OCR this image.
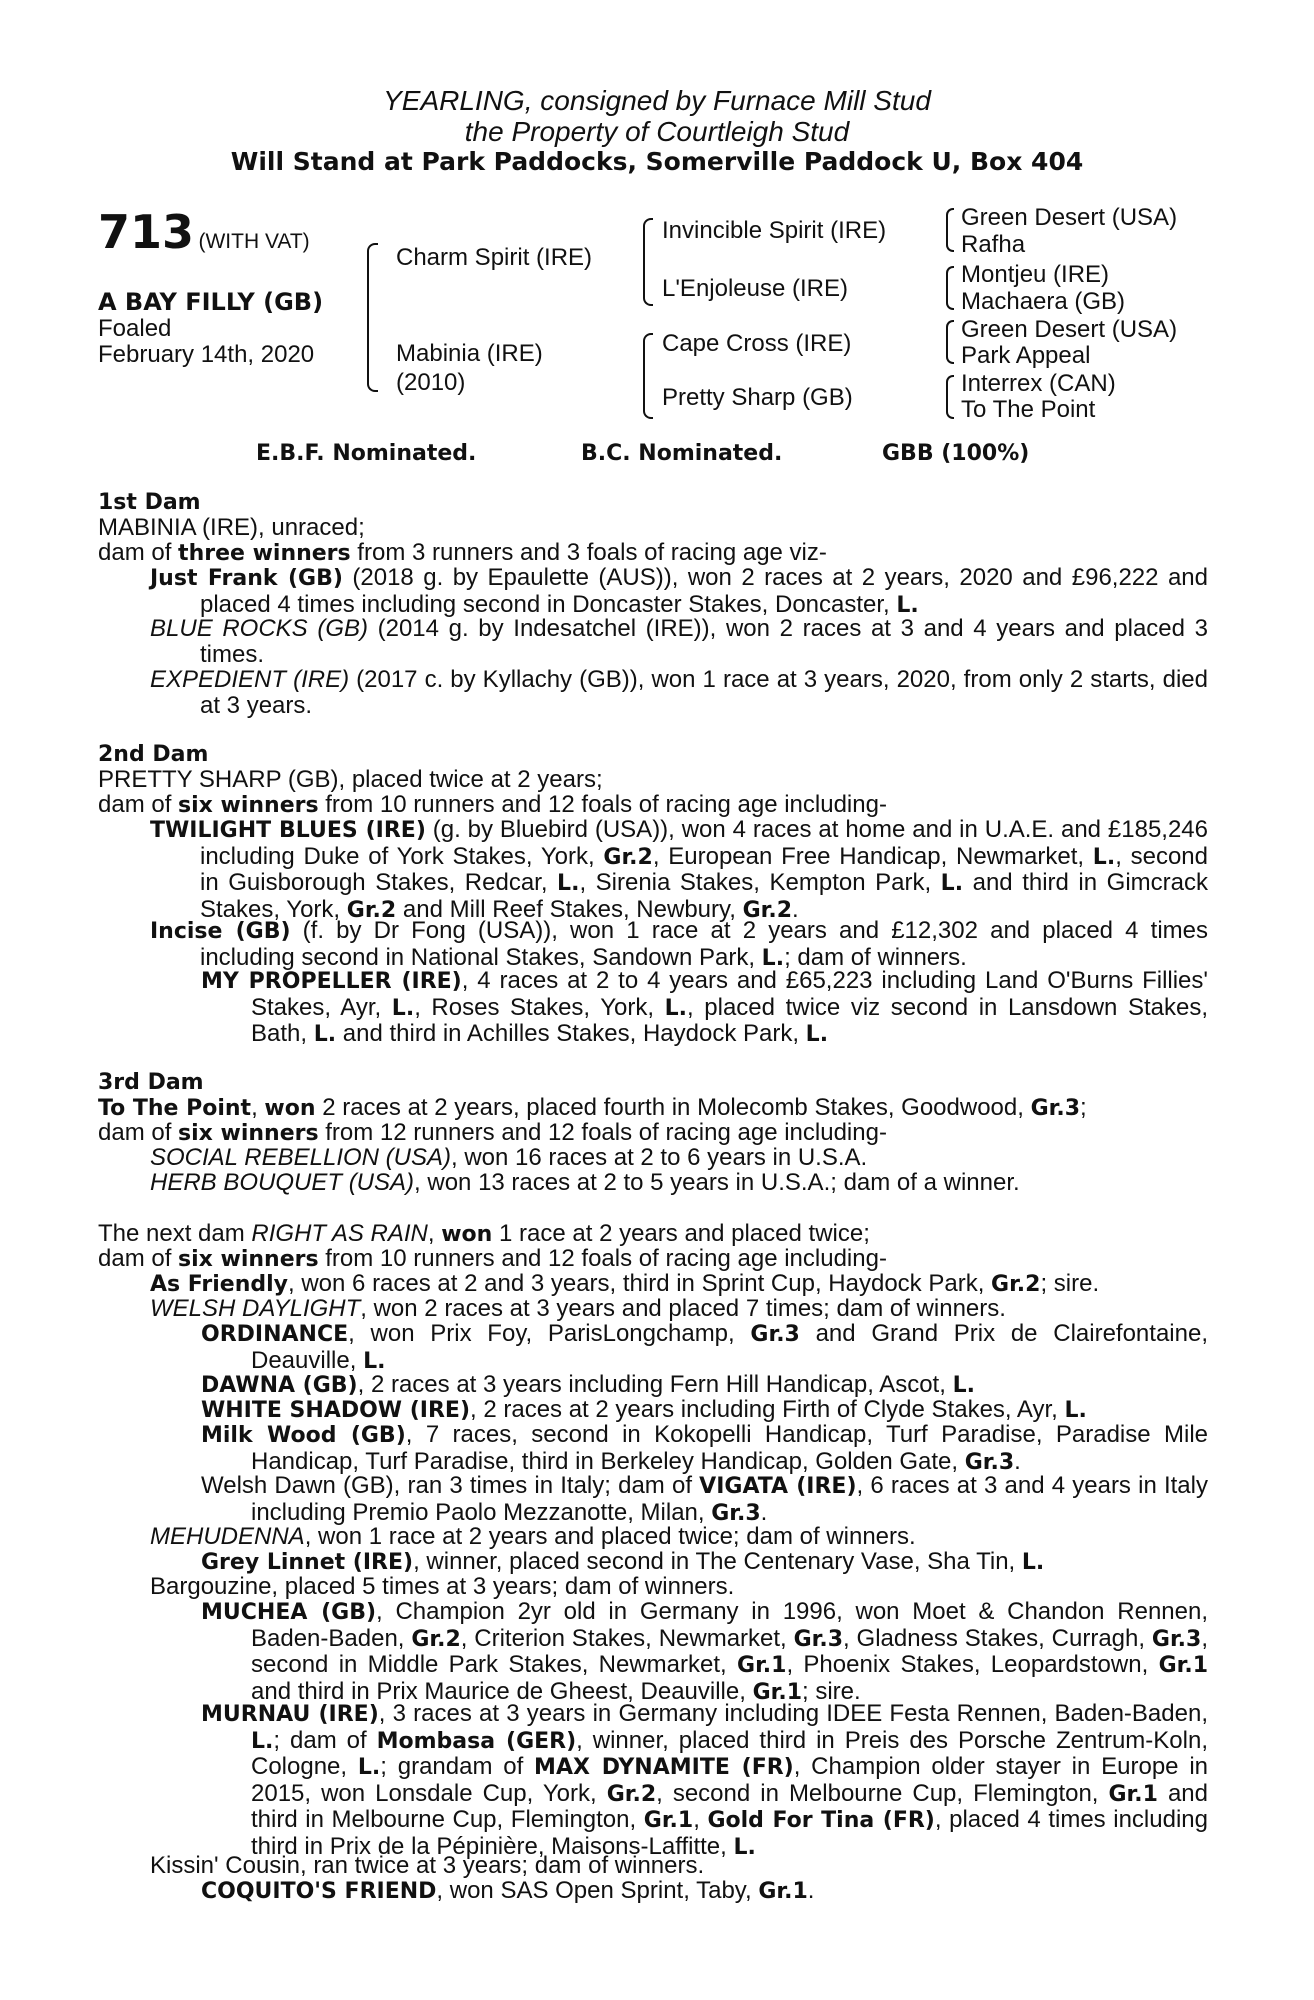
YEARLING, consigned by Furnace Mill Stud
the Property of Courtleigh Stud
Will Stand at Park Paddocks, Somerville Paddock U, Box 404
713 (WITH VAT)
A BAY FILLY (GB)
Foaled
February 14th, 2020
Charm Spirit (IRE)
Mabinia (IRE)
(2010)
Invincible Spirit (IRE)
L'Enjoleuse (IRE)
Cape Cross (IRE)
Pretty Sharp (GB)
Green Desert (USA)
Rafha
Montjeu (IRE)
Machaera (GB)
Green Desert (USA)
Park Appeal
Interrex (CAN)
To The Point
E.B.F. Nominated.	B.C. Nominated.	GBB (100%)
1st Dam
MABINIA (IRE), unraced;
dam of three winners from 3 runners and 3 foals of racing age viz-
Just Frank (GB) (2018 g. by Epaulette (AUS)), won 2 races at 2 years, 2020 and £96,222 and placed 4 times including second in Doncaster Stakes, Doncaster, L.
BLUE ROCKS (GB) (2014 g. by Indesatchel (IRE)), won 2 races at 3 and 4 years and placed 3 times.
EXPEDIENT (IRE) (2017 c. by Kyllachy (GB)), won 1 race at 3 years, 2020, from only 2 starts, died at 3 years.
2nd Dam
PRETTY SHARP (GB), placed twice at 2 years;
dam of six winners from 10 runners and 12 foals of racing age including-
TWILIGHT BLUES (IRE) (g. by Bluebird (USA)), won 4 races at home and in U.A.E. and £185,246 including Duke of York Stakes, York, Gr.2, European Free Handicap, Newmarket, L., second in Guisborough Stakes, Redcar, L., Sirenia Stakes, Kempton Park, L. and third in Gimcrack Stakes, York, Gr.2 and Mill Reef Stakes, Newbury, Gr.2.
Incise (GB) (f. by Dr Fong (USA)), won 1 race at 2 years and £12,302 and placed 4 times including second in National Stakes, Sandown Park, L.; dam of winners.
MY PROPELLER (IRE), 4 races at 2 to 4 years and £65,223 including Land O'Burns Fillies' Stakes, Ayr, L., Roses Stakes, York, L., placed twice viz second in Lansdown Stakes, Bath, L. and third in Achilles Stakes, Haydock Park, L.
3rd Dam
To The Point, won 2 races at 2 years, placed fourth in Molecomb Stakes, Goodwood, Gr.3;
dam of six winners from 12 runners and 12 foals of racing age including-
SOCIAL REBELLION (USA), won 16 races at 2 to 6 years in U.S.A.
HERB BOUQUET (USA), won 13 races at 2 to 5 years in U.S.A.; dam of a winner.
The next dam RIGHT AS RAIN, won 1 race at 2 years and placed twice;
dam of six winners from 10 runners and 12 foals of racing age including-
As Friendly, won 6 races at 2 and 3 years, third in Sprint Cup, Haydock Park, Gr.2; sire.
WELSH DAYLIGHT, won 2 races at 3 years and placed 7 times; dam of winners.
ORDINANCE, won Prix Foy, ParisLongchamp, Gr.3 and Grand Prix de Clairefontaine, Deauville, L.
DAWNA (GB), 2 races at 3 years including Fern Hill Handicap, Ascot, L.
WHITE SHADOW (IRE), 2 races at 2 years including Firth of Clyde Stakes, Ayr, L.
Milk Wood (GB), 7 races, second in Kokopelli Handicap, Turf Paradise, Paradise Mile Handicap, Turf Paradise, third in Berkeley Handicap, Golden Gate, Gr.3.
Welsh Dawn (GB), ran 3 times in Italy; dam of VIGATA (IRE), 6 races at 3 and 4 years in Italy including Premio Paolo Mezzanotte, Milan, Gr.3.
MEHUDENNA, won 1 race at 2 years and placed twice; dam of winners.
Grey Linnet (IRE), winner, placed second in The Centenary Vase, Sha Tin, L.
Bargouzine, placed 5 times at 3 years; dam of winners.
MUCHEA (GB), Champion 2yr old in Germany in 1996, won Moet & Chandon Rennen, Baden-Baden, Gr.2, Criterion Stakes, Newmarket, Gr.3, Gladness Stakes, Curragh, Gr.3, second in Middle Park Stakes, Newmarket, Gr.1, Phoenix Stakes, Leopardstown, Gr.1 and third in Prix Maurice de Gheest, Deauville, Gr.1; sire.
MURNAU (IRE), 3 races at 3 years in Germany including IDEE Festa Rennen, Baden-Baden, L.; dam of Mombasa (GER), winner, placed third in Preis des Porsche Zentrum-Koln, Cologne, L.; grandam of MAX DYNAMITE (FR), Champion older stayer in Europe in 2015, won Lonsdale Cup, York, Gr.2, second in Melbourne Cup, Flemington, Gr.1 and third in Melbourne Cup, Flemington, Gr.1, Gold For Tina (FR), placed 4 times including third in Prix de la Pépinière, Maisons-Laffitte, L.
Kissin' Cousin, ran twice at 3 years; dam of winners.
COQUITO'S FRIEND, won SAS Open Sprint, Taby, Gr.1.
